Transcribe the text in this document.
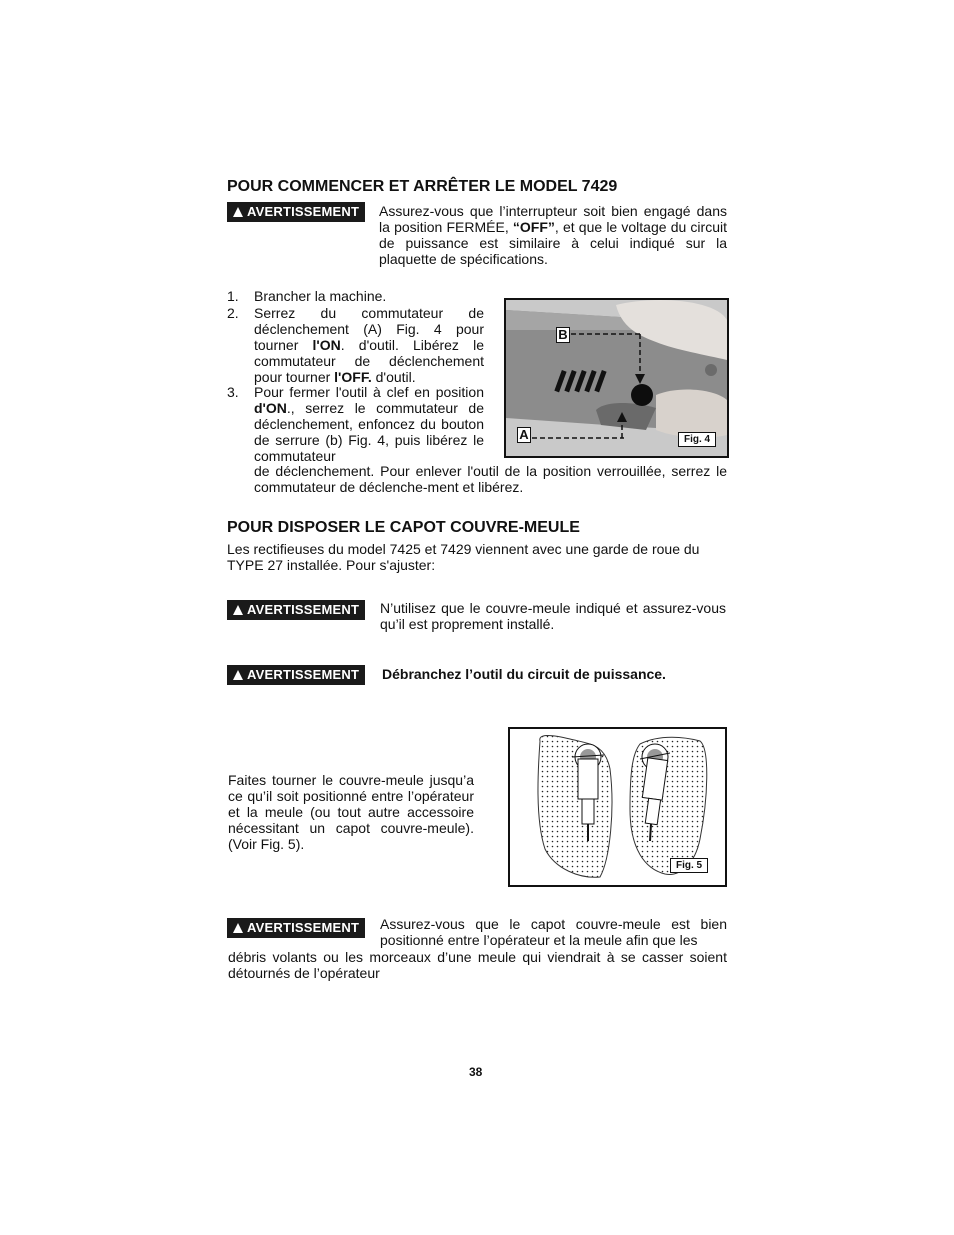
POUR COMMENCER ET ARRÊTER LE MODEL 7429
AVERTISSEMENT	Assurez-vous que l’interrupteur soit bien engagé dans la position FERMÉE, “OFF”, et que le voltage du circuit de puissance est similaire à celui indiqué sur la plaquette de spécifications.
1. Brancher la machine.
2. Serrez du commutateur de déclenchement (A) Fig. 4 pour tourner l'ON. d'outil. Libérez le commutateur de déclenchement pour tourner l'OFF. d'outil.
3. Pour fermer l'outil à clef en position d'ON., serrez le commutateur de déclenchement, enfoncez du bouton de serrure (b) Fig. 4, puis libérez le commutateur
de déclenchement. Pour enlever l'outil de la position verrouillée, serrez le commutateur de déclenche-ment et libérez.
B
A	Fig. 4
POUR DISPOSER LE CAPOT COUVRE-MEULE
Les rectifieuses du model 7425 et 7429 viennent avec une garde de roue du TYPE 27 installée. Pour s'ajuster:
AVERTISSEMENT	N’utilisez que le couvre-meule indiqué et assurez-vous qu’il est proprement installé.
AVERTISSEMENT	Débranchez l’outil du circuit de puissance.
Faites tourner le couvre-meule jusqu’a ce qu’il soit positionné entre l’opérateur et la meule (ou tout autre accessoire nécessitant un capot couvre-meule). (Voir Fig. 5).
Fig. 5
AVERTISSEMENT	Assurez-vous que le capot couvre-meule est bien positionné entre l’opérateur et la meule afin que les
débris volants ou les morceaux d’une meule qui viendrait à se casser soient détournés de l’opérateur
38
